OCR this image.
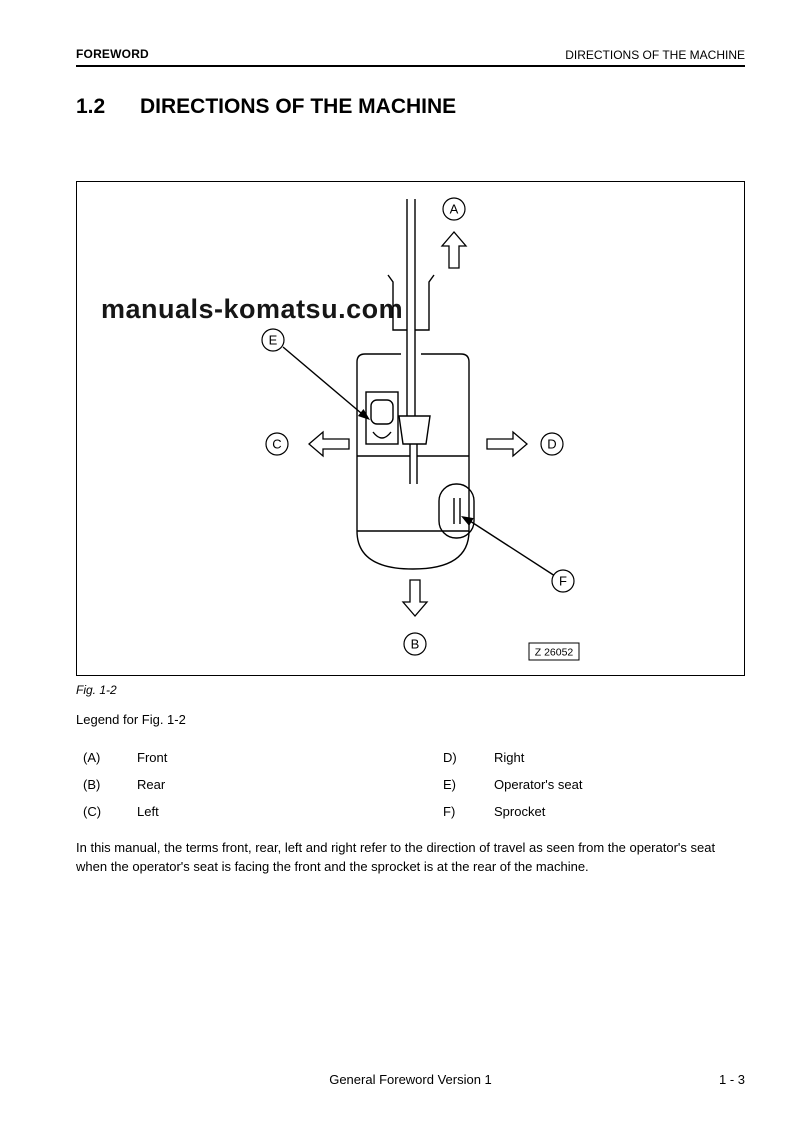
FOREWORD	DIRECTIONS OF THE MACHINE
1.2	DIRECTIONS OF THE MACHINE
manuals-komatsu.com
A
B
C	D
E
F
Z 26052
Fig. 1-2
Legend for Fig. 1-2
(A)	Front	D)	Right
(B)	Rear	E)	Operator's seat
(C)	Left	F)	Sprocket
In this manual, the terms front, rear, left and right refer to the direction of travel as seen from the operator's seat when the operator's seat is facing the front and the sprocket is at the rear of the machine.
General Foreword Version 1	1 - 3
